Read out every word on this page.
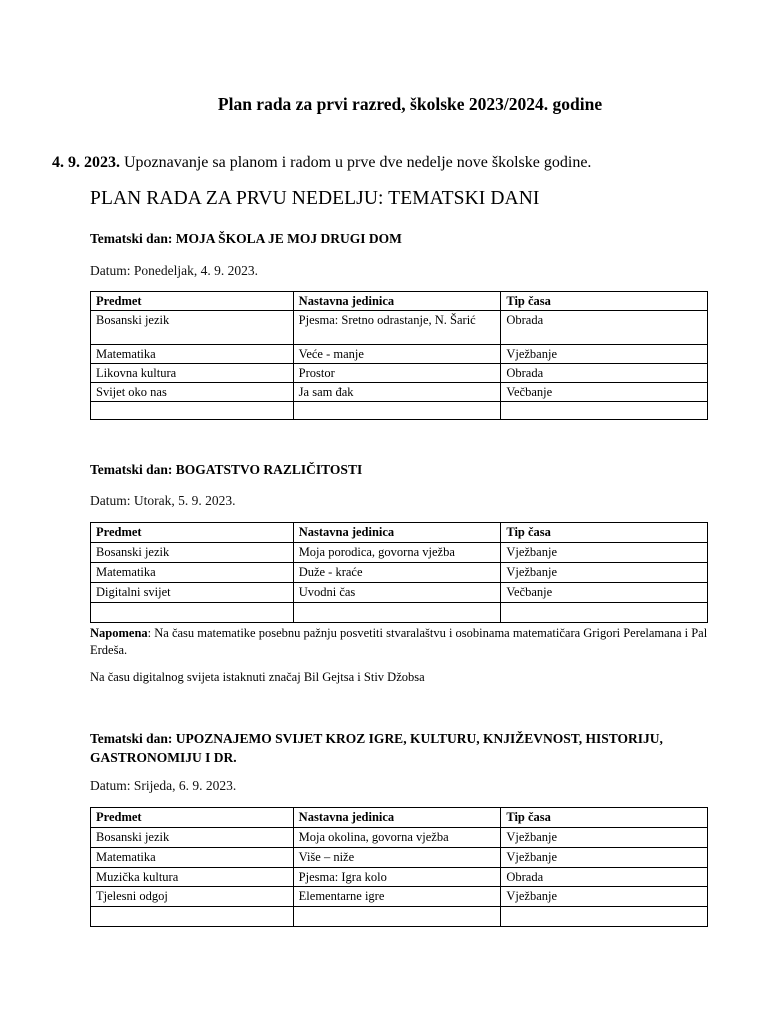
Plan rada za prvi razred, školske 2023/2024. godine
4. 9. 2023. Upoznavanje sa planom i radom u prve dve nedelje nove školske godine.
PLAN RADA ZA PRVU NEDELJU: TEMATSKI DANI
Tematski dan: MOJA ŠKOLA JE MOJ DRUGI DOM
Datum: Ponedeljak, 4. 9. 2023.
Predmet	Nastavna jedinica	Tip časa
Bosanski jezik	Pjesma: Sretno odrastanje, N. Šarić	Obrada
Matematika	Veće - manje	Vježbanje
Likovna kultura	Prostor	Obrada
Svijet oko nas	Ja sam đak	Večbanje

Tematski dan: BOGATSTVO RAZLIČITOSTI
Datum: Utorak, 5. 9. 2023.
Predmet	Nastavna jedinica	Tip časa
Bosanski jezik	Moja porodica, govorna vježba	Vježbanje
Matematika	Duže - kraće	Vježbanje
Digitalni svijet	Uvodni čas	Večbanje

Napomena: Na času matematike posebnu pažnju posvetiti stvaralaštvu i osobinama matematičara Grigori Perelamana i Pal Erdeša.
Na času digitalnog svijeta istaknuti značaj Bil Gejtsa i Stiv Džobsa
Tematski dan: UPOZNAJEMO SVIJET KROZ IGRE, KULTURU, KNJIŽEVNOST, HISTORIJU, GASTRONOMIJU I DR.
Datum: Srijeda, 6. 9. 2023.
Predmet	Nastavna jedinica	Tip časa
Bosanski jezik	Moja okolina, govorna vježba	Vježbanje
Matematika	Više – niže	Vježbanje
Muzička kultura	Pjesma: Igra kolo	Obrada
Tjelesni odgoj	Elementarne igre	Vježbanje
